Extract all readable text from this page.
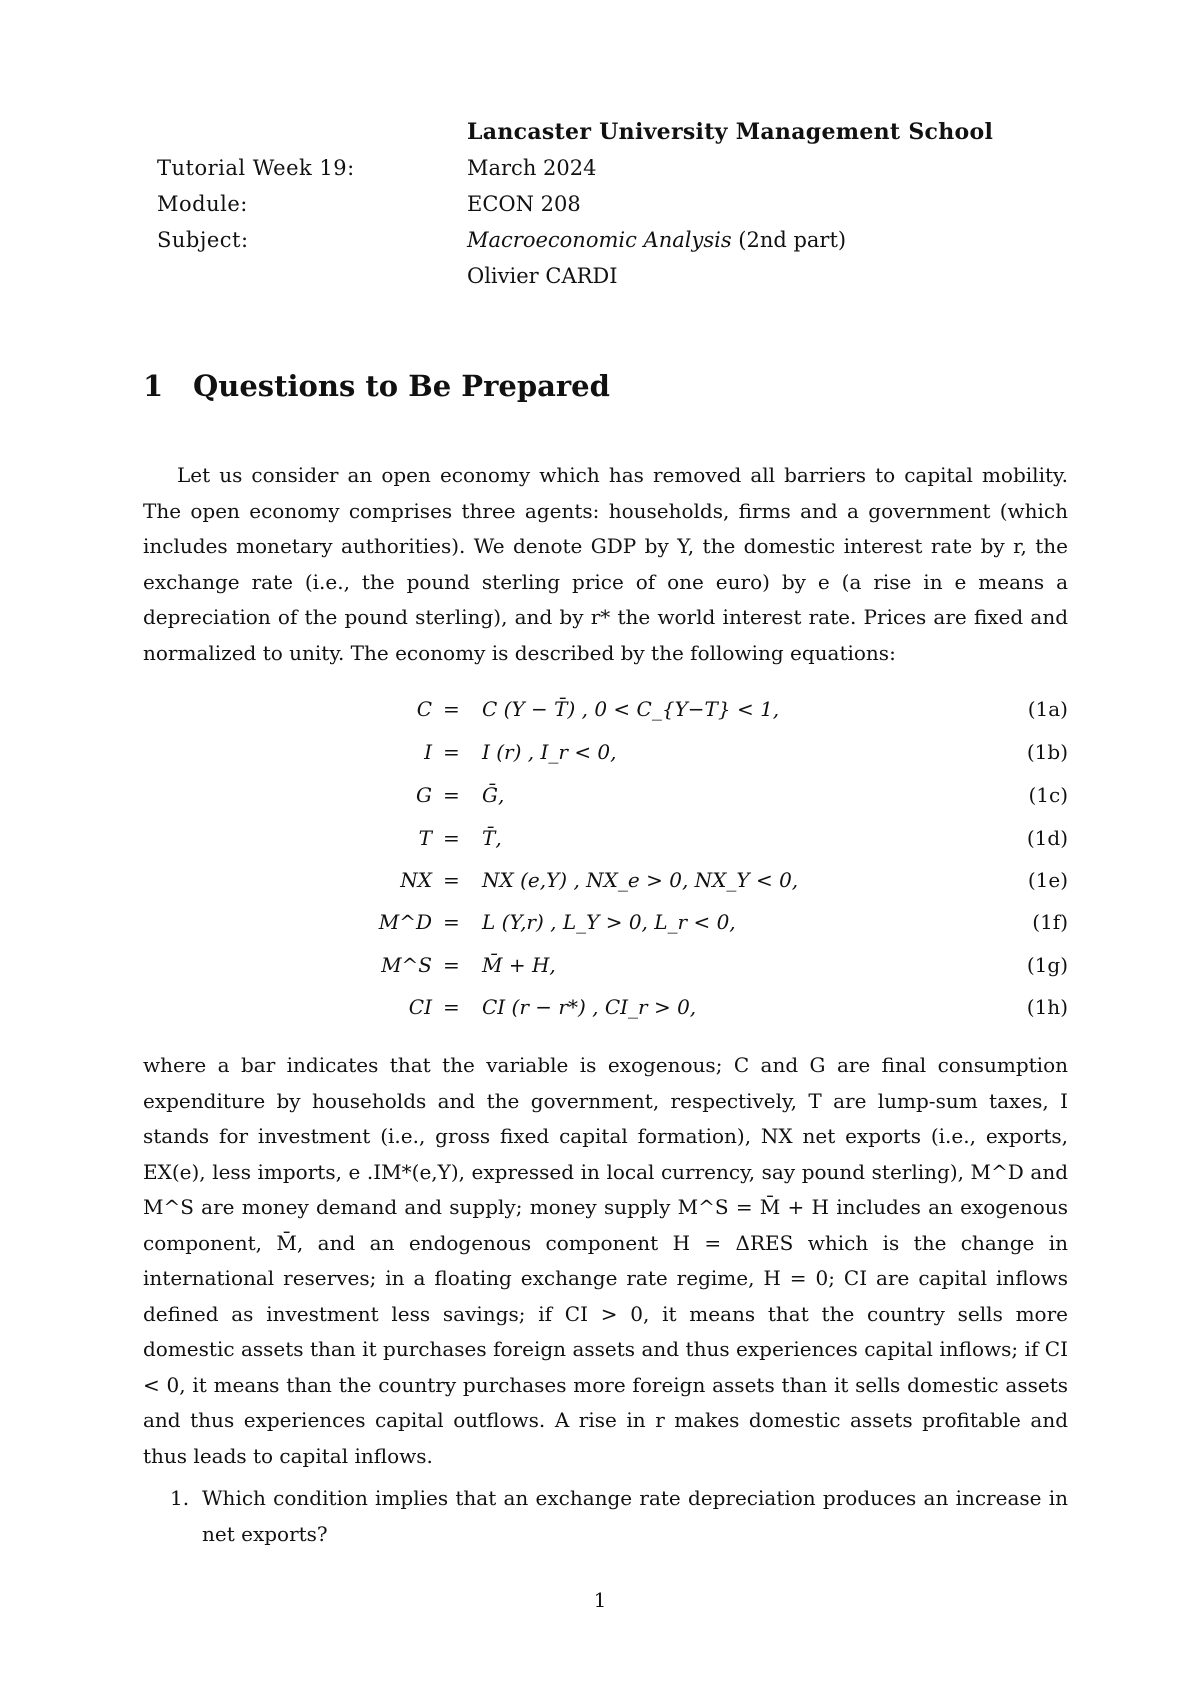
Lancaster University Management School
Tutorial Week 19:	March 2024
Module:	ECON 208
Subject:	Macroeconomic Analysis (2nd part)
Olivier CARDI
1 Questions to Be Prepared
Let us consider an open economy which has removed all barriers to capital mobility. The open economy comprises three agents: households, firms and a government (which includes monetary authorities). We denote GDP by Y, the domestic interest rate by r, the exchange rate (i.e., the pound sterling price of one euro) by e (a rise in e means a depreciation of the pound sterling), and by r* the world interest rate. Prices are fixed and normalized to unity. The economy is described by the following equations:
C = C (Y − T̄) , 0 < C_{Y−T} < 1,	(1a)
I = I (r) , I_r < 0,	(1b)
G = Ḡ,	(1c)
T = T̄,	(1d)
NX = NX (e,Y) , NX_e > 0, NX_Y < 0,	(1e)
M^D = L (Y,r) , L_Y > 0, L_r < 0,	(1f)
M^S = M̄ + H,	(1g)
CI = CI (r − r*) , CI_r > 0,	(1h)
where a bar indicates that the variable is exogenous; C and G are final consumption expenditure by households and the government, respectively, T are lump-sum taxes, I stands for investment (i.e., gross fixed capital formation), NX net exports (i.e., exports, EX(e), less imports, e .IM*(e,Y), expressed in local currency, say pound sterling), M^D and M^S are money demand and supply; money supply M^S = M̄ + H includes an exogenous component, M̄, and an endogenous component H = ΔRES which is the change in international reserves; in a floating exchange rate regime, H = 0; CI are capital inflows defined as investment less savings; if CI > 0, it means that the country sells more domestic assets than it purchases foreign assets and thus experiences capital inflows; if CI < 0, it means than the country purchases more foreign assets than it sells domestic assets and thus experiences capital outflows. A rise in r makes domestic assets profitable and thus leads to capital inflows.
1. Which condition implies that an exchange rate depreciation produces an increase in net exports?
1
